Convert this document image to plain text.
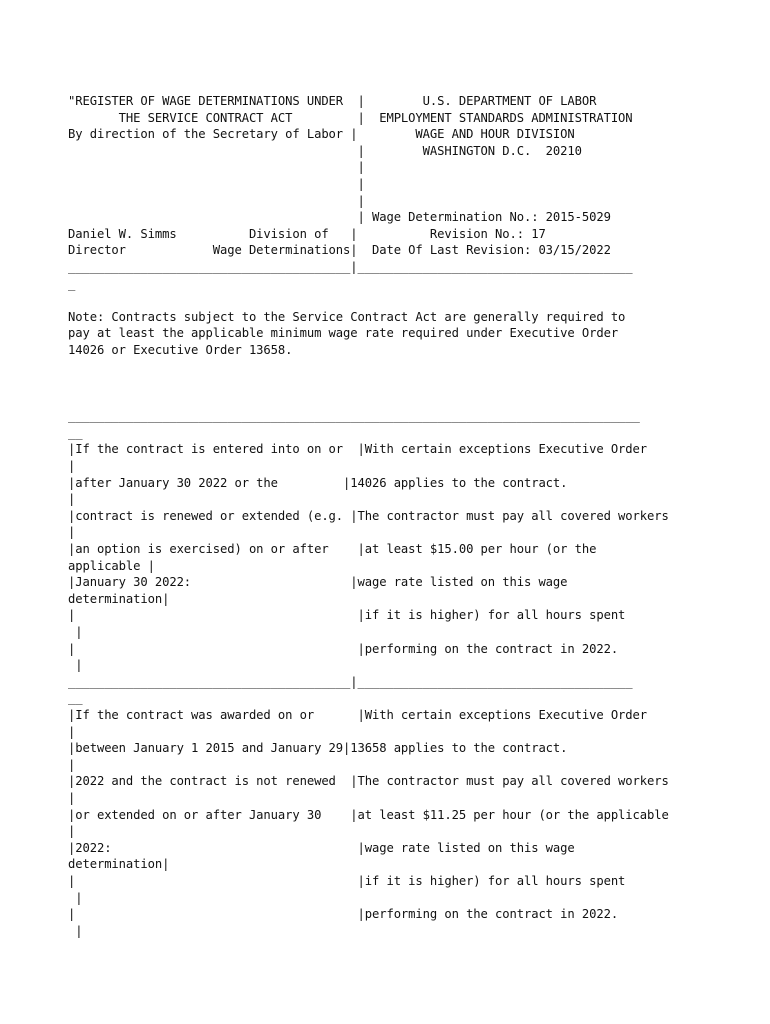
"REGISTER OF WAGE DETERMINATIONS UNDER  |        U.S. DEPARTMENT OF LABOR
THE SERVICE CONTRACT ACT         |  EMPLOYMENT STANDARDS ADMINISTRATION
By direction of the Secretary of Labor |        WAGE AND HOUR DIVISION
|        WASHINGTON D.C.  20210
|
|
|
| Wage Determination No.: 2015-5029
Daniel W. Simms          Division of   |          Revision No.: 17
Director            Wage Determinations|  Date Of Last Revision: 03/15/2022
_______________________________________|______________________________________
_
Note: Contracts subject to the Service Contract Act are generally required to
pay at least the applicable minimum wage rate required under Executive Order
14026 or Executive Order 13658.
_______________________________________________________________________________
__
|If the contract is entered into on or  |With certain exceptions Executive Order
|
|after January 30 2022 or the         |14026 applies to the contract.
|
|contract is renewed or extended (e.g. |The contractor must pay all covered workers
|
|an option is exercised) on or after    |at least $15.00 per hour (or the
applicable |
|January 30 2022:                      |wage rate listed on this wage
determination|
|                                       |if it is higher) for all hours spent
|
|                                       |performing on the contract in 2022.
|
_______________________________________|______________________________________
__
|If the contract was awarded on or      |With certain exceptions Executive Order
|
|between January 1 2015 and January 29|13658 applies to the contract.
|
|2022 and the contract is not renewed  |The contractor must pay all covered workers
|
|or extended on or after January 30    |at least $11.25 per hour (or the applicable
|
|2022:                                  |wage rate listed on this wage
determination|
|                                       |if it is higher) for all hours spent
|
|                                       |performing on the contract in 2022.
|
